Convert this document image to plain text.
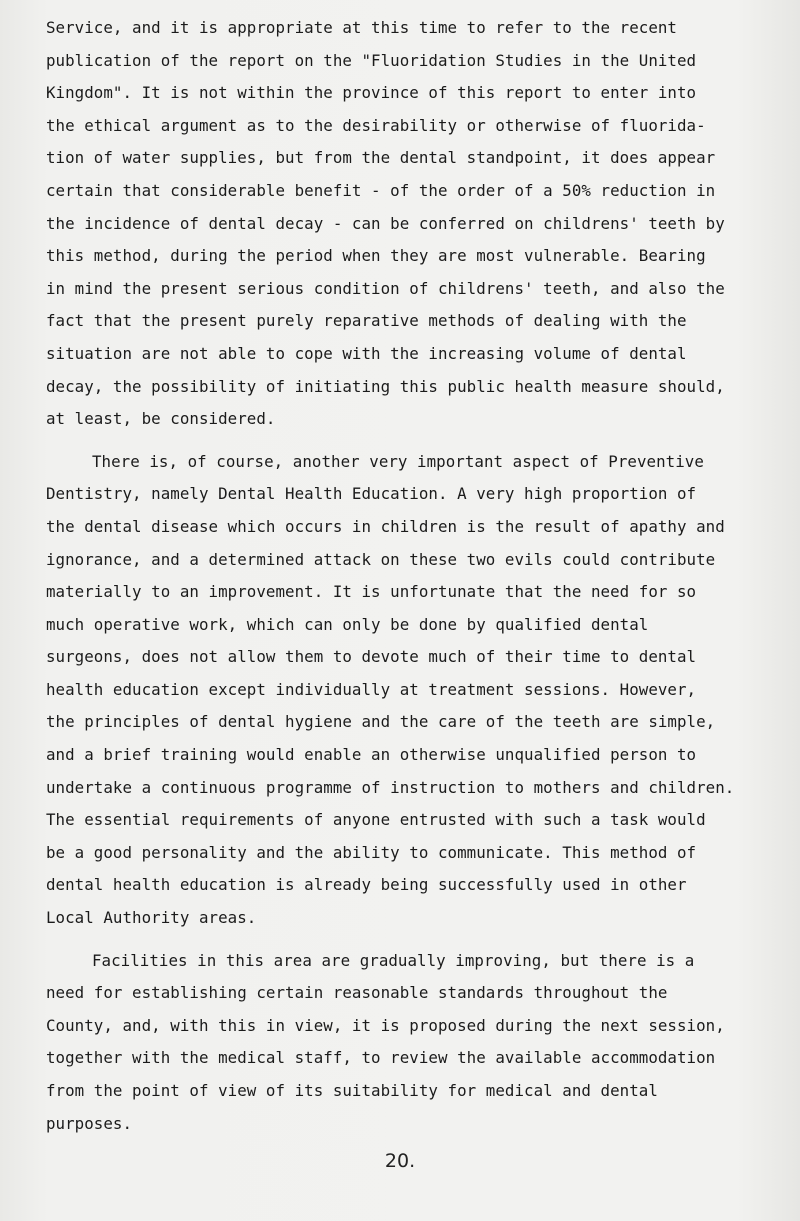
Service, and it is appropriate at this time to refer to the recent
publication of the report on the "Fluoridation Studies in the United
Kingdom". It is not within the province of this report to enter into
the ethical argument as to the desirability or otherwise of fluorida-
tion of water supplies, but from the dental standpoint, it does appear
certain that considerable benefit - of the order of a 50% reduction in
the incidence of dental decay - can be conferred on childrens' teeth by
this method, during the period when they are most vulnerable. Bearing
in mind the present serious condition of childrens' teeth, and also the
fact that the present purely reparative methods of dealing with the
situation are not able to cope with the increasing volume of dental
decay, the possibility of initiating this public health measure should,
at least, be considered.
There is, of course, another very important aspect of Preventive
Dentistry, namely Dental Health Education. A very high proportion of
the dental disease which occurs in children is the result of apathy and
ignorance, and a determined attack on these two evils could contribute
materially to an improvement. It is unfortunate that the need for so
much operative work, which can only be done by qualified dental
surgeons, does not allow them to devote much of their time to dental
health education except individually at treatment sessions. However,
the principles of dental hygiene and the care of the teeth are simple,
and a brief training would enable an otherwise unqualified person to
undertake a continuous programme of instruction to mothers and children.
The essential requirements of anyone entrusted with such a task would
be a good personality and the ability to communicate. This method of
dental health education is already being successfully used in other
Local Authority areas.
Facilities in this area are gradually improving, but there is a
need for establishing certain reasonable standards throughout the
County, and, with this in view, it is proposed during the next session,
together with the medical staff, to review the available accommodation
from the point of view of its suitability for medical and dental
purposes.
20.
